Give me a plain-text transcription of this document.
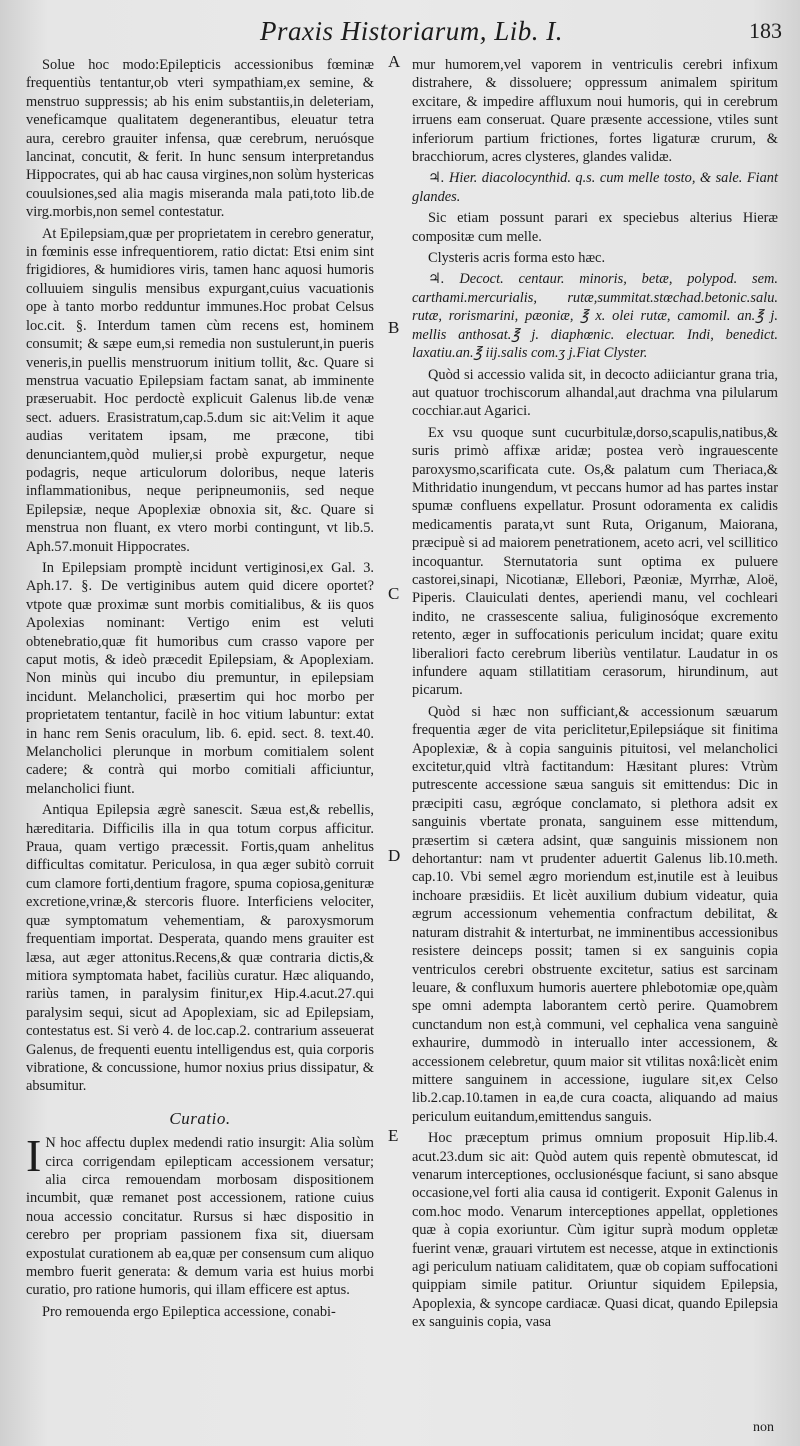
Praxis Historiarum, Lib. I.	183

Solue hoc modo:Epilepticis accessionibus fœminæ frequentiùs tentantur,ob vteri sympathiam,ex semine, & menstruo suppressis; ab his enim substantiis,in deleteriam, veneficamque qualitatem degenerantibus, eleuatur tetra aura, cerebro grauiter infensa, quæ cerebrum, neruósque lancinat, concutit, & ferit. In hunc sensum interpretandus Hippocrates, qui ab hac causa virgines,non solùm hystericas couulsiones,sed alia magis miseranda mala pati,toto lib.de virg.morbis,non semel contestatur.

At Epilepsiam,quæ per proprietatem in cerebro generatur, in fœminis esse infrequentiorem, ratio dictat: Etsi enim sint frigidiores, & humidiores viris, tamen hanc aquosi humoris colluuiem singulis mensibus expurgant,cuius vacuationis ope à tanto morbo redduntur immunes.Hoc probat Celsus loc.cit. §. Interdum tamen cùm recens est, hominem consumit; & sæpe eum,si remedia non sustulerunt,in pueris veneris,in puellis menstruorum initium tollit, &c. Quare si menstrua vacuatio Epilepsiam factam sanat, ab imminente præseruabit. Hoc perdoctè explicuit Galenus lib.de venæ sect. aduers. Erasistratum,cap.5.dum sic ait:Velim it aque audias veritatem ipsam, me præcone, tibi denunciantem,quòd mulier,si probè expurgetur, neque podagris, neque articulorum doloribus, neque lateris inflammationibus, neque peripneumoniis, sed neque Epilepsiæ, neque Apoplexiæ obnoxia sit, &c. Quare si menstrua non fluant, ex vtero morbi contingunt, vt lib.5. Aph.57.monuit Hippocrates.

In Epilepsiam promptè incidunt vertiginosi,ex Gal. 3. Aph.17. §. De vertiginibus autem quid dicere oportet? vtpote quæ proximæ sunt morbis comitialibus, & iis quos Apolexias nominant: Vertigo enim est veluti obtenebratio,quæ fit humoribus cum crasso vapore per caput motis, & ideò præcedit Epilepsiam, & Apoplexiam. Non minùs qui incubo diu premuntur, in epilepsiam incidunt. Melancholici, præsertim qui hoc morbo per proprietatem tentantur, facilè in hoc vitium labuntur: extat in hanc rem Senis oraculum, lib. 6. epid. sect. 8. text.40. Melancholici plerunque in morbum comitialem solent cadere; & contrà qui morbo comitiali afficiuntur, melancholici fiunt.

Antiqua Epilepsia ægrè sanescit. Sæua est,& rebellis, hæreditaria. Difficilis illa in qua totum corpus afficitur. Praua, quam vertigo præcessit. Fortis,quam anhelitus difficultas comitatur. Periculosa, in qua æger subitò corruit cum clamore forti,dentium fragore, spuma copiosa,genituræ excretione,vrinæ,& stercoris fluore. Interficiens velociter, quæ symptomatum vehementiam, & paroxysmorum frequentiam importat. Desperata, quando mens grauiter est læsa, aut æger attonitus.Recens,& quæ contraria dictis,& mitiora symptomata habet, faciliùs curatur. Hæc aliquando, rariùs tamen, in paralysim finitur,ex Hip.4.acut.27.qui paralysim sequi, sicut ad Apoplexiam, sic ad Epilepsiam, contestatus est. Si verò 4. de loc.cap.2. contrarium asseuerat Galenus, de frequenti euentu intelligendus est, quia corporis vibratione, & concussione, humor noxius prius dissipatur, & absumitur.

Curatio.

I N hoc affectu duplex medendi ratio insurgit: Alia solùm circa corrigendam epilepticam accessionem versatur; alia circa remouendam morbosam dispositionem incumbit, quæ remanet post accessionem, ratione cuius noua accessio concitatur. Rursus si hæc dispositio in cerebro per propriam passionem fixa sit, diuersam expostulat curationem ab ea,quæ per consensum cum aliquo membro fuerit generata: & demum varia est huius morbi curatio, pro ratione humoris, qui illam efficere est aptus.

Pro remouenda ergo Epileptica accessione, conabi-

A
B
C
D
E

mur humorem,vel vaporem in ventriculis cerebri infixum distrahere, & dissoluere; oppressum animalem spiritum excitare, & impedire affluxum noui humoris, qui in cerebrum irruens eam conseruat. Quare præsente accessione, vtiles sunt inferiorum partium frictiones, fortes ligaturæ crurum, & bracchiorum, acres clysteres, glandes validæ.

♃. Hier. diacolocynthid. q.s. cum melle tosto, & sale. Fiant glandes.

Sic etiam possunt parari ex speciebus alterius Hieræ compositæ cum melle.

Clysteris acris forma esto hæc.

♃. Decoct. centaur. minoris, betæ, polypod. sem. carthami.mercurialis, rutæ,summitat.stœchad.betonic.salu. rutæ, rorismarini, pæoniæ, ℥ x. olei rutæ, camomil. an.℥ j. mellis anthosat.℥ j. diaphœnic. electuar. Indi, benedict. laxatiu.an.℥ iij.salis com.ʒ j.Fiat Clyster.

Quòd si accessio valida sit, in decocto adiiciantur grana tria, aut quatuor trochiscorum alhandal,aut drachma vna pilularum cocchiar.aut Agarici.

Ex vsu quoque sunt cucurbitulæ,dorso,scapulis,natibus,& suris primò affixæ aridæ; postea verò ingrauescente paroxysmo,scarificata cute. Os,& palatum cum Theriaca,& Mithridatio inungendum, vt peccans humor ad has partes instar spumæ confluens expellatur. Prosunt odoramenta ex calidis medicamentis parata,vt sunt Ruta, Origanum, Maiorana, præcipuè si ad maiorem penetrationem, aceto acri, vel scillitico incoquantur. Sternutatoria sunt optima ex puluere castorei,sinapi, Nicotianæ, Ellebori, Pæoniæ, Myrrhæ, Aloë, Piperis. Clauiculati dentes, aperiendi manu, vel cochleari indito, ne crassescente saliua, fuliginosóque excremento retento, æger in suffocationis periculum incidat; quare exitu liberaliori facto cerebrum liberiùs ventilatur. Laudatur in os infundere aquam stillatitiam cerasorum, hirundinum, aut picarum.

Quòd si hæc non sufficiant,& accessionum sæuarum frequentia æger de vita periclitetur,Epilepsiáque sit finitima Apoplexiæ, & à copia sanguinis pituitosi, vel melancholici excitetur,quid vltrà factitandum: Hæsitant plures: Vtrùm putrescente accessione sæua sanguis sit emittendus: Dic in præcipiti casu, ægróque conclamato, si plethora adsit ex sanguinis vbertate pronata, sanguinem esse mittendum, præsertim si cætera adsint, quæ sanguinis missionem non dehortantur: nam vt prudenter aduertit Galenus lib.10.meth. cap.10. Vbi semel ægro moriendum est,inutile est à leuibus inchoare præsidiis. Et licèt auxilium dubium videatur, quia ægrum accessionum vehementia confractum debilitat, & naturam distrahit & interturbat, ne imminentibus accessionibus resistere deinceps possit; tamen si ex sanguinis copia ventriculos cerebri obstruente excitetur, satius est sarcinam leuare, & confluxum humoris auertere phlebotomiæ ope,quàm spe omni adempta laborantem certò perire. Quamobrem cunctandum non est,à communi, vel cephalica vena sanguinè exhaurire, dummodò in interuallo inter accessionem, & accessionem celebretur, quum maior sit vtilitas noxâ:licèt enim mittere sanguinem in accessione, iugulare sit,ex Celso lib.2.cap.10.tamen in ea,de cura coacta, aliquando ad maius periculum euitandum,emittendus sanguis.

Hoc præceptum primus omnium proposuit Hip.lib.4. acut.23.dum sic ait: Quòd autem quis repentè obmutescat, id venarum interceptiones, occlusionésque faciunt, si sano absque occasione,vel forti alia causa id contigerit. Exponit Galenus in com.hoc modo. Venarum interceptiones appellat, oppletiones quæ à copia exoriuntur. Cùm igitur suprà modum oppletæ fuerint venæ, grauari virtutem est necesse, atque in extinctionis agi periculum natiuam caliditatem, quæ ob copiam suffocationi quippiam simile patitur. Oriuntur siquidem Epilepsia, Apoplexia, & syncope cardiacæ. Quasi dicat, quando Epilepsia ex sanguinis copia, vasa

non
